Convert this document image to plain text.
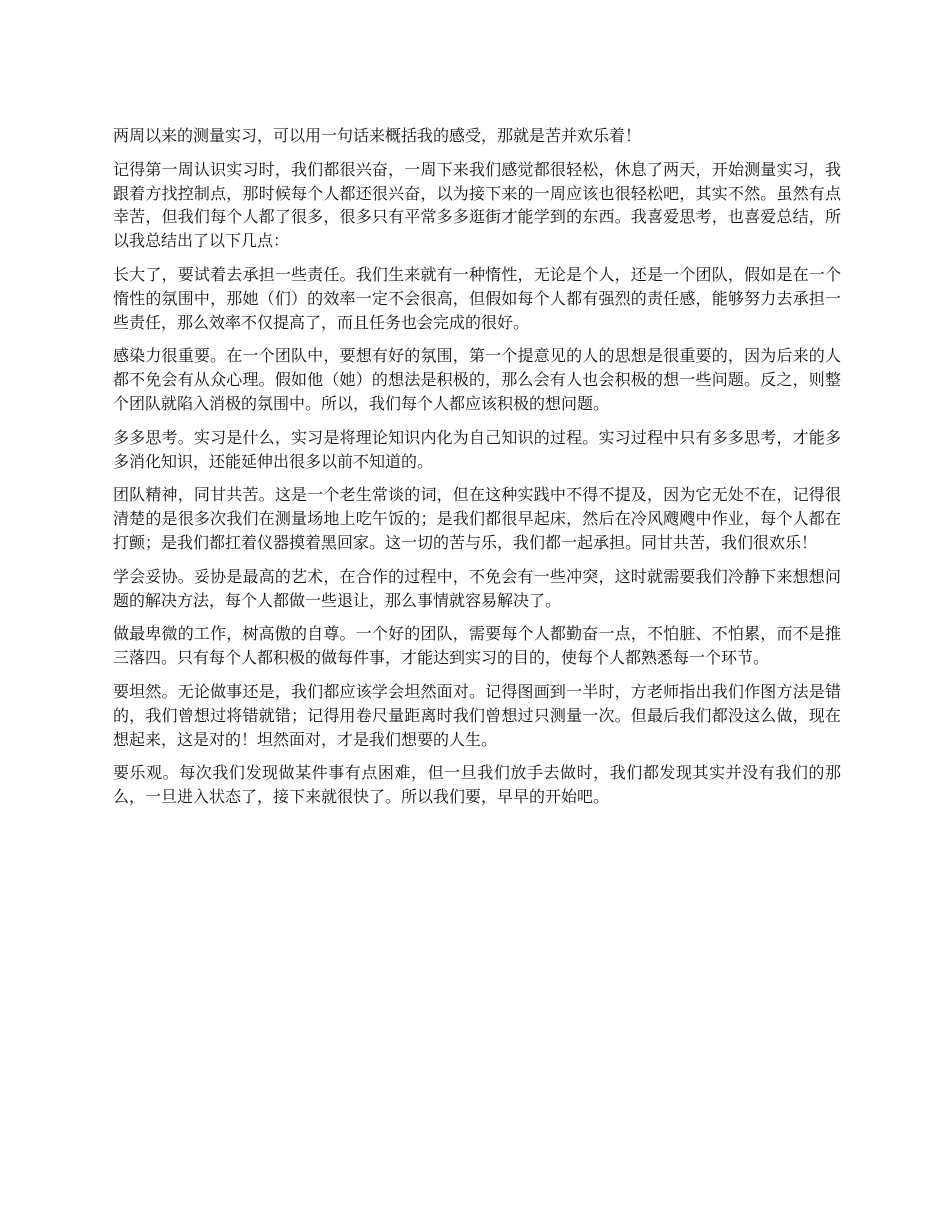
两周以来的测量实习，可以用一句话来概括我的感受，那就是苦并欢乐着！

记得第一周认识实习时，我们都很兴奋，一周下来我们感觉都很轻松，休息了两天，开始测量实习，我跟着方找控制点，那时候每个人都还很兴奋，以为接下来的一周应该也很轻松吧，其实不然。虽然有点幸苦，但我们每个人都了很多，很多只有平常多多逛街才能学到的东西。我喜爱思考，也喜爱总结，所以我总结出了以下几点：

长大了，要试着去承担一些责任。我们生来就有一种惰性，无论是个人，还是一个团队，假如是在一个惰性的氛围中，那她（们）的效率一定不会很高，但假如每个人都有强烈的责任感，能够努力去承担一些责任，那么效率不仅提高了，而且任务也会完成的很好。

感染力很重要。在一个团队中，要想有好的氛围，第一个提意见的人的思想是很重要的，因为后来的人都不免会有从众心理。假如他（她）的想法是积极的，那么会有人也会积极的想一些问题。反之，则整个团队就陷入消极的氛围中。所以，我们每个人都应该积极的想问题。

多多思考。实习是什么，实习是将理论知识内化为自己知识的过程。实习过程中只有多多思考，才能多多消化知识，还能延伸出很多以前不知道的。

团队精神，同甘共苦。这是一个老生常谈的词，但在这种实践中不得不提及，因为它无处不在，记得很清楚的是很多次我们在测量场地上吃午饭的；是我们都很早起床，然后在冷风飕飕中作业，每个人都在打颤；是我们都扛着仪器摸着黑回家。这一切的苦与乐，我们都一起承担。同甘共苦，我们很欢乐！

学会妥协。妥协是最高的艺术，在合作的过程中，不免会有一些冲突，这时就需要我们冷静下来想想问题的解决方法，每个人都做一些退让，那么事情就容易解决了。

做最卑微的工作，树高傲的自尊。一个好的团队，需要每个人都勤奋一点，不怕脏、不怕累，而不是推三落四。只有每个人都积极的做每件事，才能达到实习的目的，使每个人都熟悉每一个环节。

要坦然。无论做事还是，我们都应该学会坦然面对。记得图画到一半时，方老师指出我们作图方法是错的，我们曾想过将错就错；记得用卷尺量距离时我们曾想过只测量一次。但最后我们都没这么做，现在想起来，这是对的！坦然面对，才是我们想要的人生。

要乐观。每次我们发现做某件事有点困难，但一旦我们放手去做时，我们都发现其实并没有我们的那么，一旦进入状态了，接下来就很快了。所以我们要，早早的开始吧。
